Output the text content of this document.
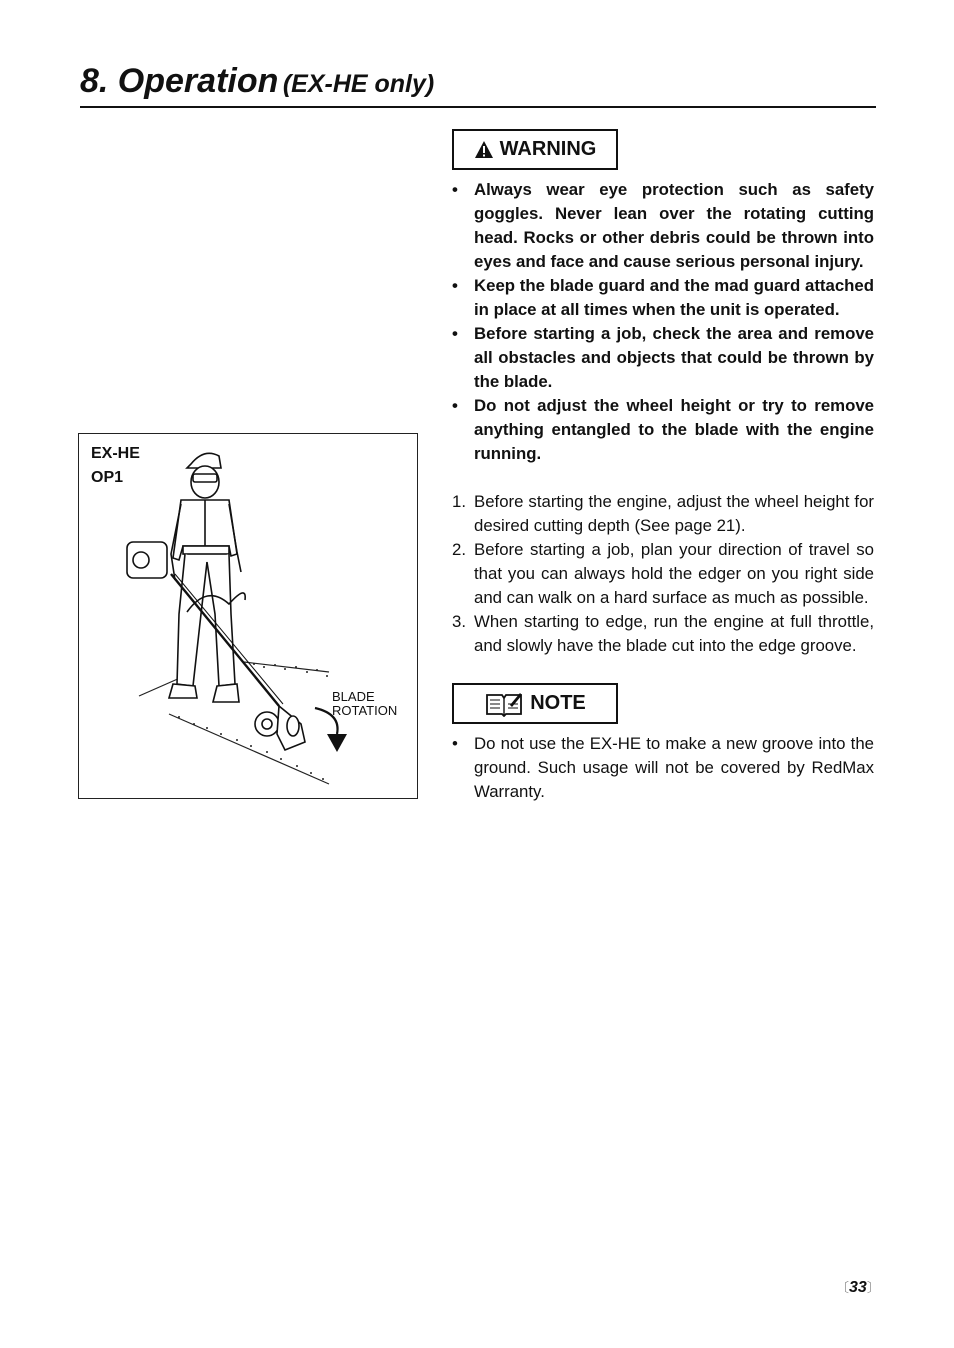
8. Operation (EX-HE only)
EX-HE
OP1
BLADE
ROTATION
WARNING
• Always wear eye protection such as safety goggles. Never lean over the rotating cutting head. Rocks or other debris could be thrown into eyes and face and cause serious personal injury.
• Keep the blade guard and the mad guard attached in place at all times when the unit is operated.
• Before starting a job, check the area and remove all obstacles and objects that could be thrown by the blade.
• Do not adjust the wheel height or try to remove anything entangled to the blade with the engine running.
1. Before starting the engine, adjust the wheel height for desired cutting depth (See page 21).
2. Before starting a job, plan your direction of travel so that you can always hold the edger on you right side and can walk on a hard surface as much as possible.
3. When starting to edge, run the engine at full throttle, and slowly have the blade cut into the edge groove.
NOTE
• Do not use the EX-HE to make a new groove into the ground. Such usage will not be covered by RedMax Warranty.
〔33〕
